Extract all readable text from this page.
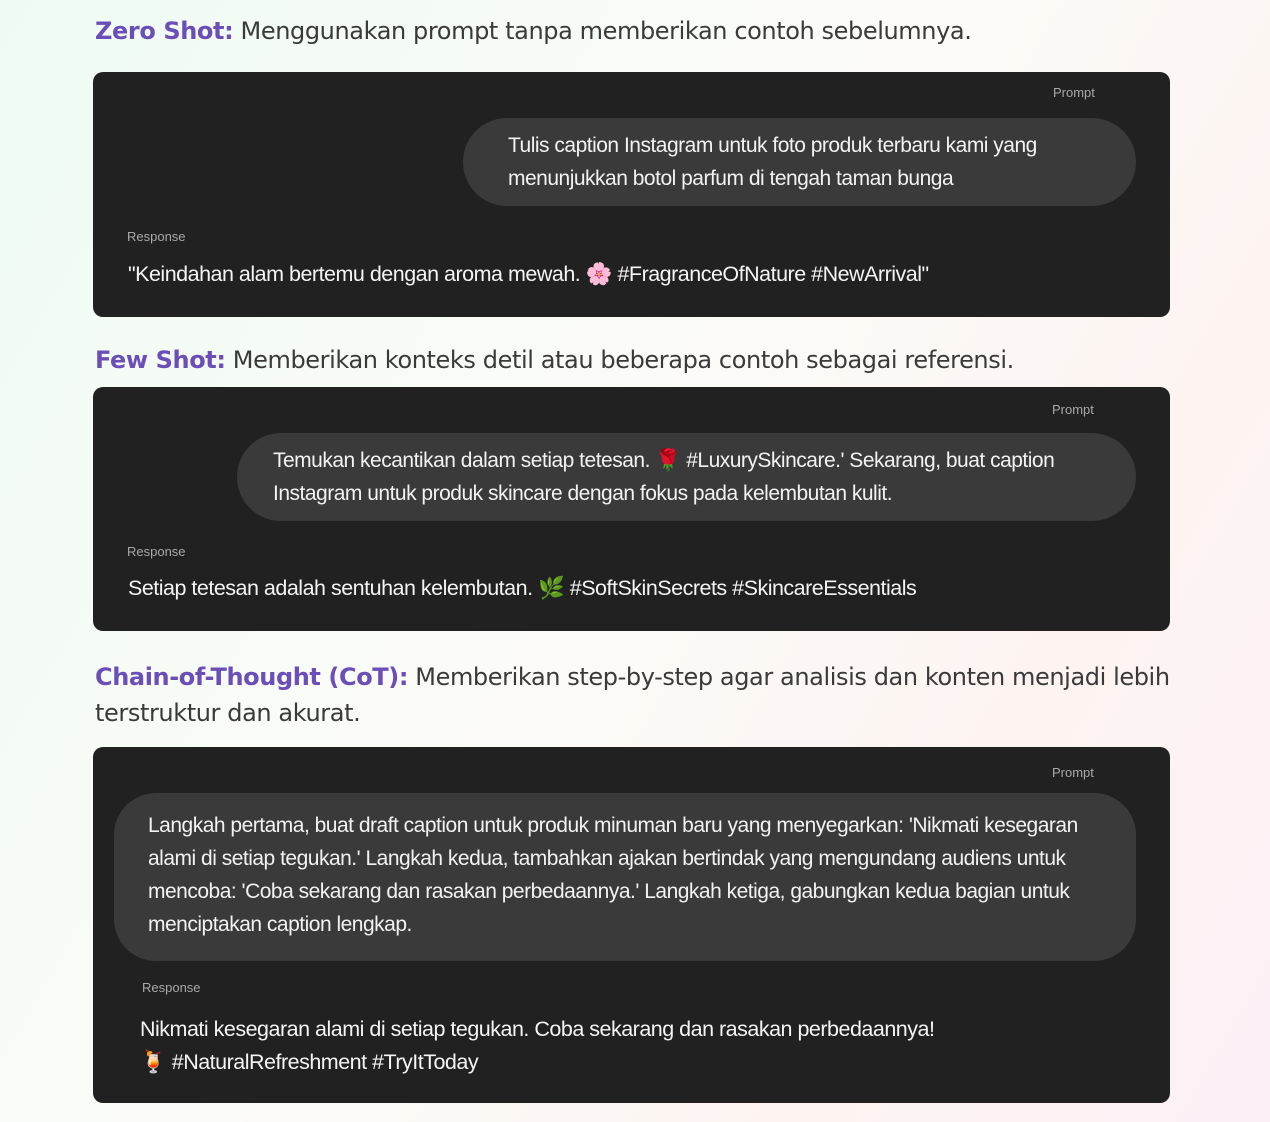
Zero Shot: Menggunakan prompt tanpa memberikan contoh sebelumnya.

Prompt
Tulis caption Instagram untuk foto produk terbaru kami yang menunjukkan botol parfum di tengah taman bunga
Response
"Keindahan alam bertemu dengan aroma mewah. 🌸 #FragranceOfNature #NewArrival"

Few Shot: Memberikan konteks detil atau beberapa contoh sebagai referensi.

Prompt
Temukan kecantikan dalam setiap tetesan. 🌹 #LuxurySkincare.' Sekarang, buat caption Instagram untuk produk skincare dengan fokus pada kelembutan kulit.
Response
Setiap tetesan adalah sentuhan kelembutan. 🌿 #SoftSkinSecrets #SkincareEssentials

Chain-of-Thought (CoT): Memberikan step-by-step agar analisis dan konten menjadi lebih terstruktur dan akurat.

Prompt
Langkah pertama, buat draft caption untuk produk minuman baru yang menyegarkan: 'Nikmati kesegaran alami di setiap tegukan.' Langkah kedua, tambahkan ajakan bertindak yang mengundang audiens untuk mencoba: 'Coba sekarang dan rasakan perbedaannya.' Langkah ketiga, gabungkan kedua bagian untuk menciptakan caption lengkap.
Response
Nikmati kesegaran alami di setiap tegukan. Coba sekarang dan rasakan perbedaannya!
🍹 #NaturalRefreshment #TryItToday
